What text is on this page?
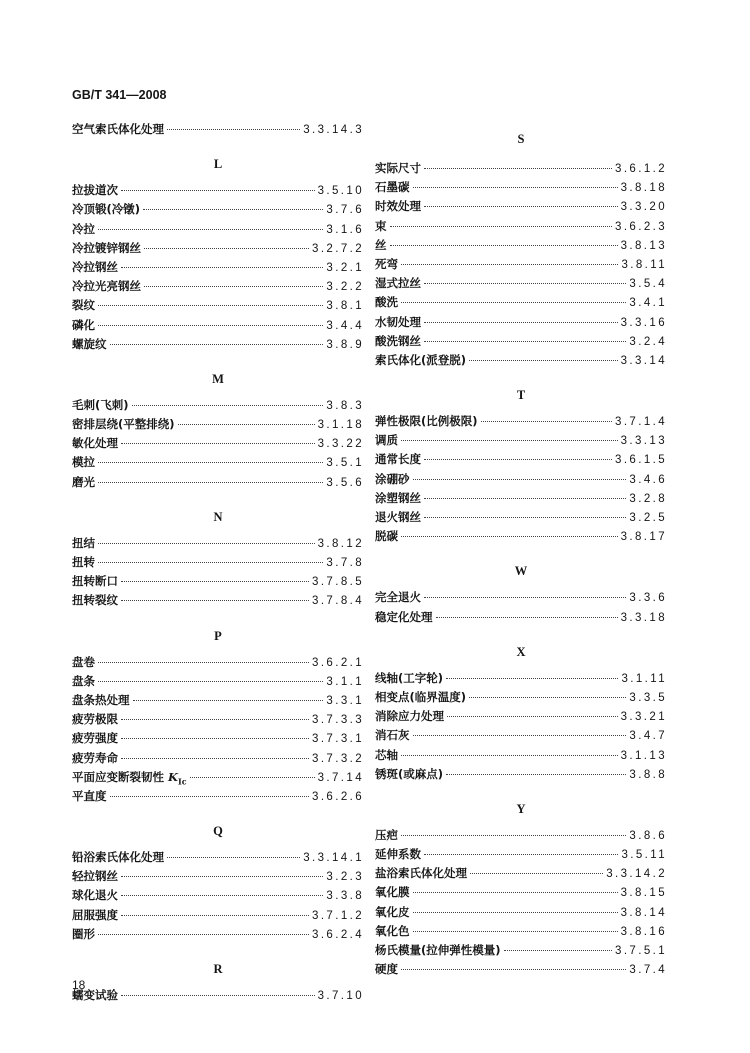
GB/T 341—2008
空气索氏体化处理	3.3.14.3
L
拉拔道次	3.5.10
冷顶锻(冷镦)	3.7.6
冷拉	3.1.6
冷拉镀锌钢丝	3.2.7.2
冷拉钢丝	3.2.1
冷拉光亮钢丝	3.2.2
裂纹	3.8.1
磷化	3.4.4
螺旋纹	3.8.9
M
毛刺(飞刺)	3.8.3
密排层绕(平整排绕)	3.1.18
敏化处理	3.3.22
模拉	3.5.1
磨光	3.5.6
N
扭结	3.8.12
扭转	3.7.8
扭转断口	3.7.8.5
扭转裂纹	3.7.8.4
P
盘卷	3.6.2.1
盘条	3.1.1
盘条热处理	3.3.1
疲劳极限	3.7.3.3
疲劳强度	3.7.3.1
疲劳寿命	3.7.3.2
平面应变断裂韧性 $K_{Ic}$	3.7.14
平直度	3.6.2.6
Q
铅浴索氏体化处理	3.3.14.1
轻拉钢丝	3.2.3
球化退火	3.3.8
屈服强度	3.7.1.2
圈形	3.6.2.4
R
蠕变试验	3.7.10
S
实际尺寸	3.6.1.2
石墨碳	3.8.18
时效处理	3.3.20
束	3.6.2.3
丝	3.8.13
死弯	3.8.11
湿式拉丝	3.5.4
酸洗	3.4.1
水韧处理	3.3.16
酸洗钢丝	3.2.4
索氏体化(派登脱)	3.3.14
T
弹性极限(比例极限)	3.7.1.4
调质	3.3.13
通常长度	3.6.1.5
涂硼砂	3.4.6
涂塑钢丝	3.2.8
退火钢丝	3.2.5
脱碳	3.8.17
W
完全退火	3.3.6
稳定化处理	3.3.18
X
线轴(工字轮)	3.1.11
相变点(临界温度)	3.3.5
消除应力处理	3.3.21
消石灰	3.4.7
芯轴	3.1.13
锈斑(或麻点)	3.8.8
Y
压疤	3.8.6
延伸系数	3.5.11
盐浴索氏体化处理	3.3.14.2
氧化膜	3.8.15
氧化皮	3.8.14
氧化色	3.8.16
杨氏模量(拉伸弹性模量)	3.7.5.1
硬度	3.7.4
18
